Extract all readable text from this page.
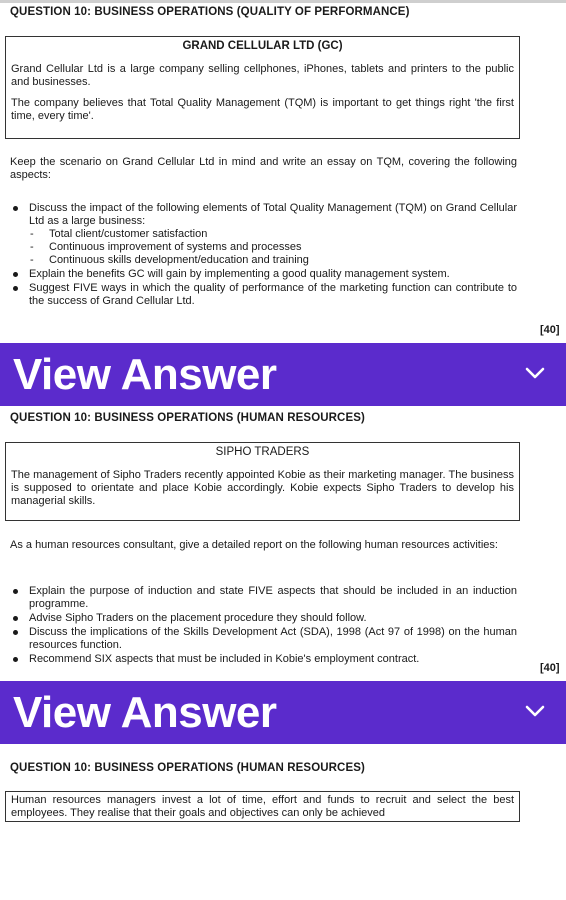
QUESTION 10: BUSINESS OPERATIONS (QUALITY OF PERFORMANCE)
GRAND CELLULAR LTD (GC)

Grand Cellular Ltd is a large company selling cellphones, iPhones, tablets and printers to the public and businesses.

The company believes that Total Quality Management (TQM) is important to get things right 'the first time, every time'.

Keep the scenario on Grand Cellular Ltd in mind and write an essay on TQM, covering the following aspects:

Discuss the impact of the following elements of Total Quality Management (TQM) on Grand Cellular Ltd as a large business:
- Total client/customer satisfaction
- Continuous improvement of systems and processes
- Continuous skills development/education and training
Explain the benefits GC will gain by implementing a good quality management system.
Suggest FIVE ways in which the quality of performance of the marketing function can contribute to the success of Grand Cellular Ltd.
[40]
View Answer
QUESTION 10: BUSINESS OPERATIONS (HUMAN RESOURCES)
SIPHO TRADERS

The management of Sipho Traders recently appointed Kobie as their marketing manager. The business is supposed to orientate and place Kobie accordingly. Kobie expects Sipho Traders to develop his managerial skills.

As a human resources consultant, give a detailed report on the following human resources activities:

Explain the purpose of induction and state FIVE aspects that should be included in an induction programme.
Advise Sipho Traders on the placement procedure they should follow.
Discuss the implications of the Skills Development Act (SDA), 1998 (Act 97 of 1998) on the human resources function.
Recommend SIX aspects that must be included in Kobie's employment contract.
[40]
View Answer
QUESTION 10: BUSINESS OPERATIONS (HUMAN RESOURCES)

Human resources managers invest a lot of time, effort and funds to recruit and select the best employees. They realise that their goals and objectives can only be achieved
